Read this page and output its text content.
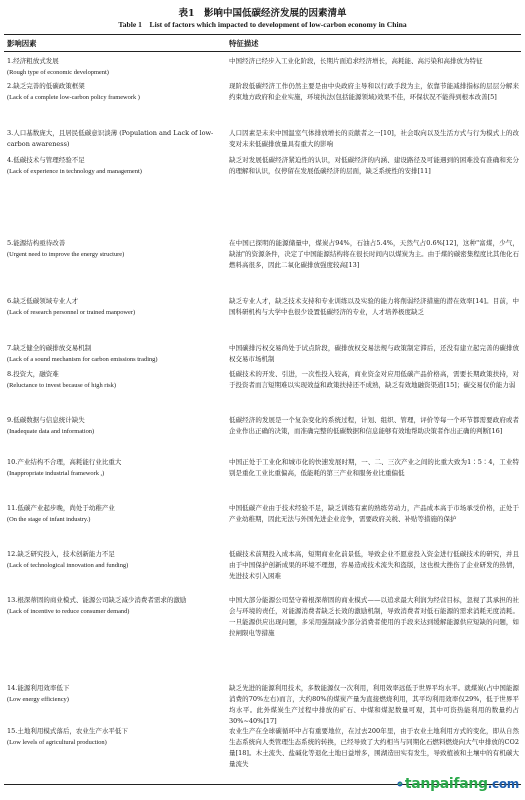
表1　影响中国低碳经济发展的因素清单
Table 1　List of factors which impacted to development of low-carbon economy in China
影响因素	特征描述
1.经济粗放式发展
(Rough type of economic development)
中国经济已经步入工业化阶段，长期片面追求经济增长，高耗能、高污染和高排放为特征
2.缺乏完善的低碳政策框架
(Lack of a complete low-carbon policy framework )
现阶段低碳经济工作仍然主要是由中央政府主导和以行政手段为主，依靠节能减排指标的层层分解来约束地方政府和企业实施，环境执法(包括能源领域)效果不佳，环保状况不能得到根本改善[5]
3.人口基数庞大，且居民低碳意识淡薄 (Population and Lack of low-carbon awareness)
人口因素是未来中国温室气体排放增长的贡献者之一[10]，社会取向以及生活方式与行为模式上的改变对未来低碳排放量具有重大的影响
4.低碳技术与管理经验不足
(Lack of experience in technology and management)
缺乏对发展低碳经济紧迫性的认识，对低碳经济的内涵、建设路径及可能遇到的困难没有准确和充分的理解和认识，仅停留在发展低碳经济的层面，缺乏系统性的安排[11]
5.能源结构亟待改善
(Urgent need to improve the energy structure)
在中国已探明的能源储量中，煤炭占94%，石油占5.4%，天然气占0.6%[12]，这种"富煤，少气，缺油"的资源条件，决定了中国能源结构将在很长时间内以煤炭为主。由于煤的碳密集程度比其他化石燃料高很多，因此二氧化碳排放强度较高[13]
6.缺乏低碳领域专业人才
(Lack of research personnel or trained manpower)
缺乏专业人才，缺乏技术支持和专业训练以及实验的能力将削弱经济措施的潜在效率[14]。目前，中国科研机构与大学中也很少设置低碳经济的专业，人才培养极度缺乏
7.缺乏健全的碳排放交易机制
(Lack of a sound mechanism for carbon emissions trading)
中国碳排污权交易尚处于试点阶段，碳排放权交易法规与政策制定滞后，还没有建立起完善的碳排放权交易市场机制
8.投资大，融资难
(Reluctance to invest because of high risk)
低碳技术的开发、引进，一次性投入较高，商业资金对应用低碳产品价格高，需要长期政策扶持，对于投资者而言短期难以实现效益和政策扶持还不成熟，缺乏有效地融资渠道[15]；碳交易仅价能力弱
9.低碳数据与信息统计缺失
(Inadequate data and information)
低碳经济的发展是一个复杂变化的系统过程，计划、组织、管理，评价等每一个环节都需要政府或者企业作出正确的决策，而准确完整的低碳数据和信息能够有效地帮助决策者作出正确的判断[16]
10.产业结构不合理，高耗能行业比重大
(Inappropriate industrial framework ,)
中国正处于工业化和城市化的快速发展时期，一、二、三次产业之间的比重大致为1∶5∶4，工业特别是重化工业比重偏高，低能耗的第三产业和服务业比重偏低
11.低碳产业起步晚，尚处于幼稚产业
(On the stage of infant industry.)
中国低碳产业由于技术经验不足，缺乏训练有素的熟练劳动力，产品成本高于市场承受价格，正处于产业幼稚期，因此无法与外国先进企业竞争，需要政府关税、补贴等措施的保护
12.缺乏研究投入，技术创新能力不足
(Lack of technological innovation and funding)
低碳技术前期投入成本高，短期商业化前景低，导致企业不愿意投入资金进行低碳技术的研究，并且由于中国保护创新成果的环境不理想，容易造成技术流失和盗版，这也极大挫伤了企业研发的热情，先进技术引入困难
13.根深蒂固的商业模式、能源公司缺乏减少消费者需求的激励
(Lack of incentive to reduce consumer demand)
中国大部分能源公司坚守着根深蒂固的商业模式——以追求最大利润为经营目标，忽视了其承担的社会与环境的责任，对能源消费者缺乏长效的激励机制，导致消费者对低石能源的需求消耗无度消耗。一旦能源供应出现问题，多采用强制减少部分消费者使用的手段来达到缓解能源供应短缺的问题，如拉闸限电等措施
14.能源利用效率低下
(Low energy efficiency)
缺乏先进的能源利用技术，多数能源仅一次利用，利用效率远低于世界平均水平。就煤炭(占中国能源消费的70%左右)而言，大约80%的煤炭产量为直接燃烧利用，其平均利用效率仅29%，低于世界平均水平。此外煤炭生产过程中排放的矿石、中煤和煤泥数量可观，其中可资热能利用的数量约占30%~40%[17]
15.土地利用模式落后，农业生产水平低下
(Low levels of agricultural production)
农业生产在全球碳循环中占有重要地位，在过去200年里，由于农业土地利用方式的变化，即从自然生态系统向人类管理生态系统的转换，已经导致了大约相当与同期化石燃料燃烧向大气中排放的CO2量[18]。木土流失、盐碱化等退化土地日益增多，围湖造田实有发生，导致植被和土壤中的有机碳大量流失
tanpaifang.com
